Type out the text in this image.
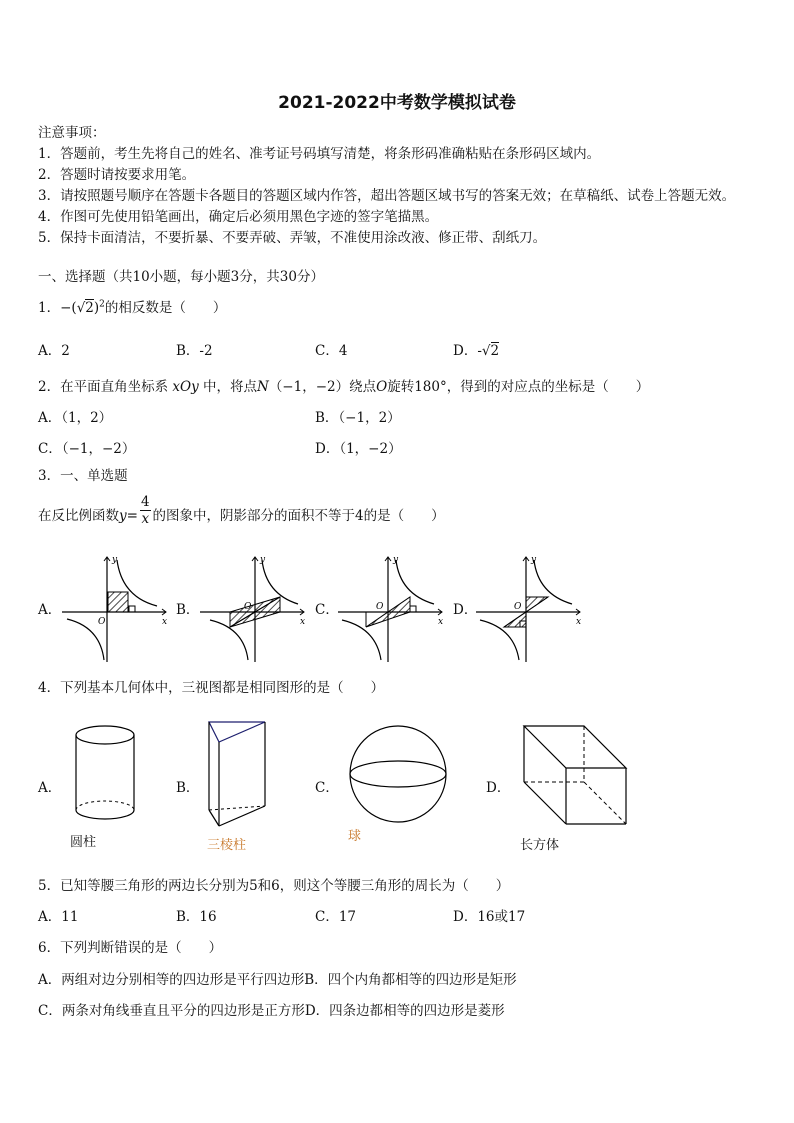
2021-2022中考数学模拟试卷
注意事项：
1．答题前，考生先将自己的姓名、准考证号码填写清楚，将条形码准确粘贴在条形码区域内。
2．答题时请按要求用笔。
3．请按照题号顺序在答题卡各题目的答题区域内作答，超出答题区域书写的答案无效；在草稿纸、试卷上答题无效。
4．作图可先使用铅笔画出，确定后必须用黑色字迹的签字笔描黑。
5．保持卡面清洁，不要折暴、不要弄破、弄皱，不准使用涂改液、修正带、刮纸刀。
一、选择题（共10小题，每小题3分，共30分）
1．$-(√2)^2$的相反数是（　　）
A．2	B．-2	C．4	D．-√2
2．在平面直角坐标系 xOy 中，将点N（−1，−2）绕点O旋转180°，得到的对应点的坐标是（　　）
A．（1，2）	B．（−1，2）
C．（−1，−2）	D．（1，−2）
3．一、单选题
在反比例函数$y= \frac{4}{x}$ 的图象中，阴影部分的面积不等于4的是（　　）
A．	B．	C．	D．
y
x
O
y
x
O
y
x
O
y
x
O
4．下列基本几何体中，三视图都是相同图形的是（　　）
A．	B．	C．	D．
圆柱	三棱柱
球
长方体
5．已知等腰三角形的两边长分别为5和6，则这个等腰三角形的周长为（　　）
A．11	B．16	C．17	D．16或17
6．下列判断错误的是（　　）
A．两组对边分别相等的四边形是平行四边形B．四个内角都相等的四边形是矩形
C．两条对角线垂直且平分的四边形是正方形D．四条边都相等的四边形是菱形
